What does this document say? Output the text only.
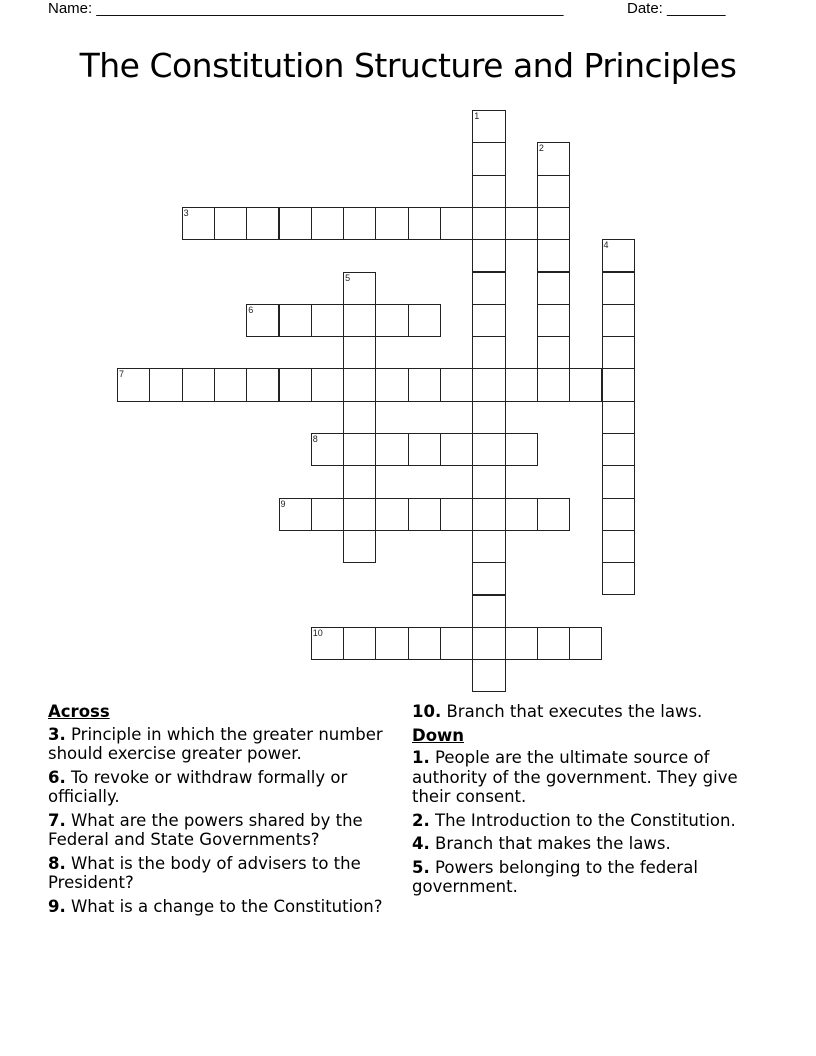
Name: ________________________________________________________	Date: _______
The Constitution Structure and Principles
1
2
3
4
5
6
7
8
9
10
Across
3. Principle in which the greater number should exercise greater power.
6. To revoke or withdraw formally or officially.
7. What are the powers shared by the Federal and State Governments?
8. What is the body of advisers to the President?
9. What is a change to the Constitution?
10. Branch that executes the laws.
Down
1. People are the ultimate source of authority of the government. They give their consent.
2. The Introduction to the Constitution.
4. Branch that makes the laws.
5. Powers belonging to the federal government.
